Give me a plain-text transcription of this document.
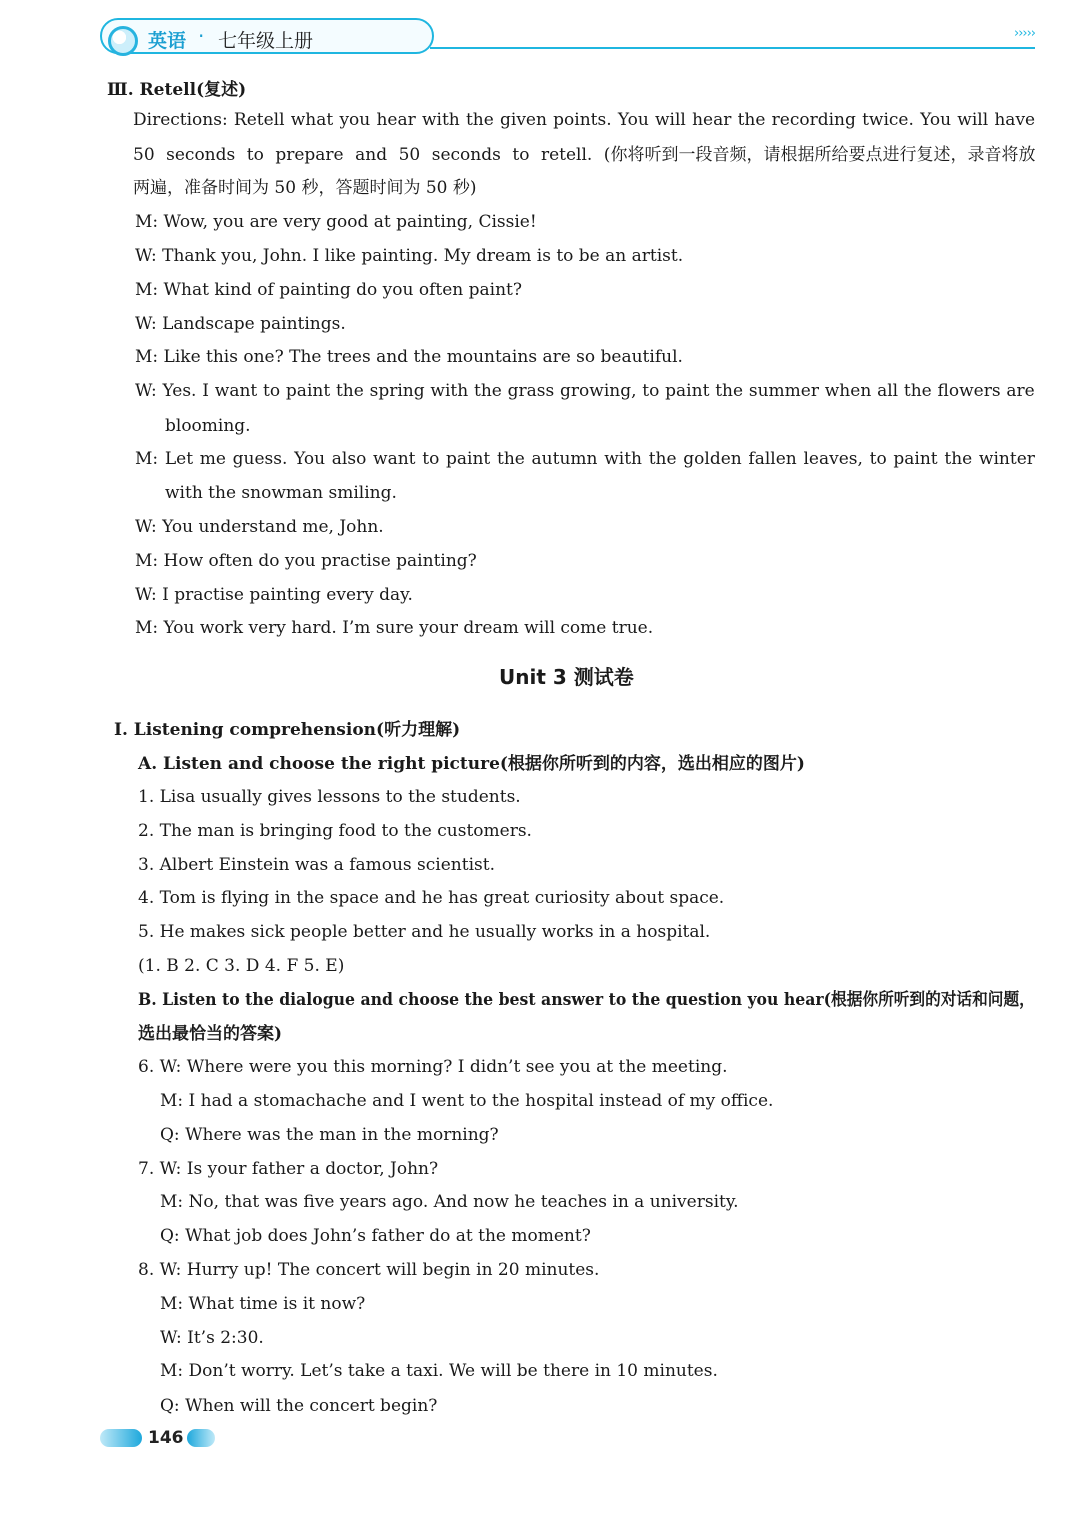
英语 · 七年级上册	›››››
Ⅲ. Retell(复述)
Directions: Retell what you hear with the given points. You will hear the recording twice. You will have
50 seconds to prepare and 50 seconds to retell. (你将听到一段音频，请根据所给要点进行复述，录音将放
两遍，准备时间为 50 秒，答题时间为 50 秒)
M: Wow, you are very good at painting, Cissie!
W: Thank you, John. I like painting. My dream is to be an artist.
M: What kind of painting do you often paint?
W: Landscape paintings.
M: Like this one? The trees and the mountains are so beautiful.
W: Yes. I want to paint the spring with the grass growing, to paint the summer when all the flowers are
blooming.
M: Let me guess. You also want to paint the autumn with the golden fallen leaves, to paint the winter
with the snowman smiling.
W: You understand me, John.
M: How often do you practise painting?
W: I practise painting every day.
M: You work very hard. I’m sure your dream will come true.
Unit 3 测试卷
Ⅰ. Listening comprehension(听力理解)
A. Listen and choose the right picture(根据你所听到的内容，选出相应的图片)
1. Lisa usually gives lessons to the students.
2. The man is bringing food to the customers.
3. Albert Einstein was a famous scientist.
4. Tom is flying in the space and he has great curiosity about space.
5. He makes sick people better and he usually works in a hospital.
(1. B 2. C 3. D 4. F 5. E)
B. Listen to the dialogue and choose the best answer to the question you hear(根据你所听到的对话和问题，
选出最恰当的答案)
6. W: Where were you this morning? I didn’t see you at the meeting.
M: I had a stomachache and I went to the hospital instead of my office.
Q: Where was the man in the morning?
7. W: Is your father a doctor, John?
M: No, that was five years ago. And now he teaches in a university.
Q: What job does John’s father do at the moment?
8. W: Hurry up! The concert will begin in 20 minutes.
M: What time is it now?
W: It’s 2:30.
M: Don’t worry. Let’s take a taxi. We will be there in 10 minutes.
Q: When will the concert begin?
146
